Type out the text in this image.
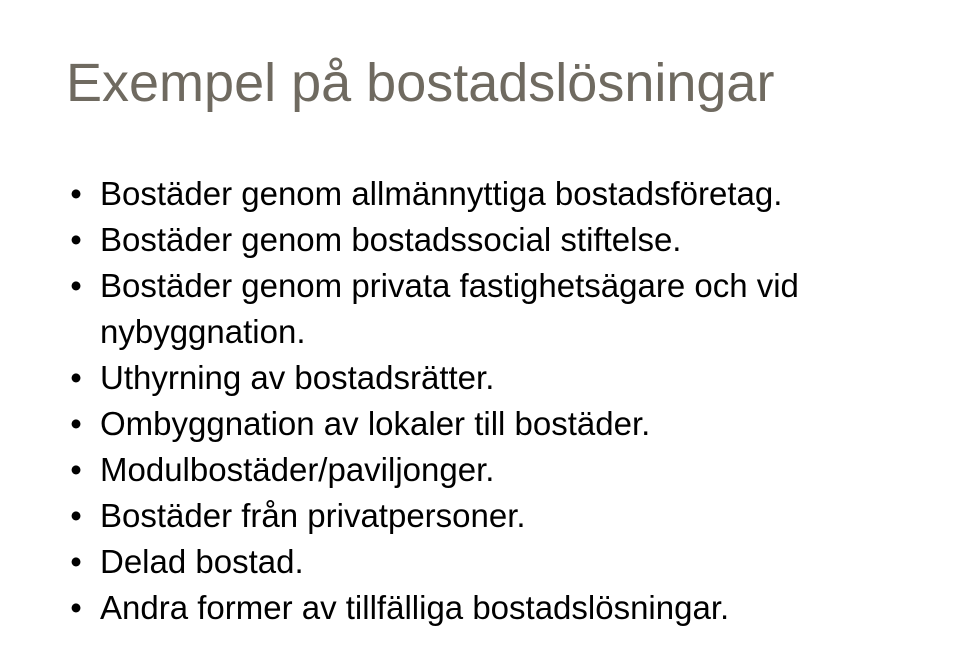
Exempel på bostadslösningar
• Bostäder genom allmännyttiga bostadsföretag.
• Bostäder genom bostadssocial stiftelse.
• Bostäder genom privata fastighetsägare och vid nybyggnation.
• Uthyrning av bostadsrätter.
• Ombyggnation av lokaler till bostäder.
• Modulbostäder/paviljonger.
• Bostäder från privatpersoner.
• Delad bostad.
• Andra former av tillfälliga bostadslösningar.
